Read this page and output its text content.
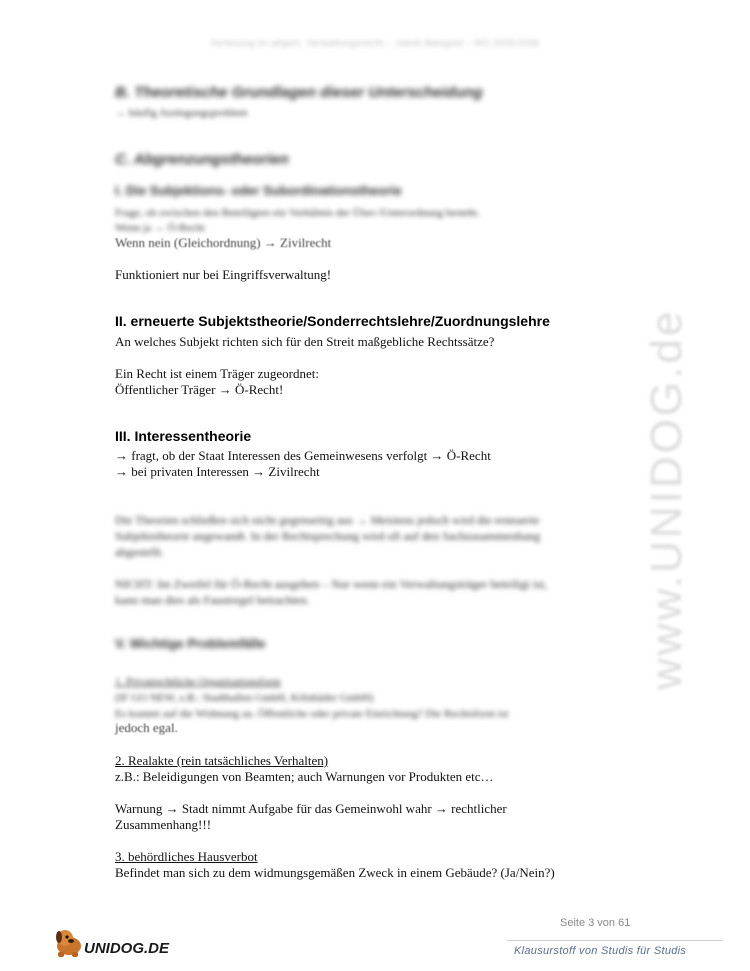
Vorlesung im allgem. Verwaltungsrecht – Jakob Mangold – WS 2005/2006
B. Theoretische Grundlagen dieser Unterscheidung
→ häufig Auslegungsproblem
C. Abgrenzungstheorien
I. Die Subjektions- oder Subordinationstheorie
Frage, ob zwischen den Beteiligten ein Verhältnis der Über-/Unterordnung besteht.
Wenn ja → Ö-Recht
Wenn nein (Gleichordnung) → Zivilrecht
Funktioniert nur bei Eingriffsverwaltung!
II. erneuerte Subjektstheorie/Sonderrechtslehre/Zuordnungslehre
An welches Subjekt richten sich für den Streit maßgebliche Rechtssätze?
Ein Recht ist einem Träger zugeordnet:
Öffentlicher Träger → Ö-Recht!
III. Interessentheorie
→ fragt, ob der Staat Interessen des Gemeinwesens verfolgt → Ö-Recht
→ bei privaten Interessen → Zivilrecht
Die Theorien schließen sich nicht gegenseitig aus → Meistens jedoch wird die erneuerte
Subjektstheorie angewandt. In der Rechtsprechung wird oft auf den Sachzusammenhang
abgestellt.
NICHT: Im Zweifel für Ö-Recht ausgehen – Nur wenn ein Verwaltungsträger beteiligt ist,
kann man dies als Faustregel betrachten.
V. Wichtige Problemfälle
1. Privatrechtliche Organisationsform
(IF GO NEW, z.B.: Stadthallen GmbH, Kölnbäder GmbH)
Es kommt auf die Widmung an. Öffentliche oder private Einrichtung? Die Rechtsform ist
jedoch egal.
2. Realakte (rein tatsächliches Verhalten)
z.B.: Beleidigungen von Beamten; auch Warnungen vor Produkten etc…
Warnung → Stadt nimmt Aufgabe für das Gemeinwohl wahr → rechtlicher
Zusammenhang!!!
3. behördliches Hausverbot
Befindet man sich zu dem widmungsgemäßen Zweck in einem Gebäude? (Ja/Nein?)
www.UNIDOG.de
Seite 3 von 61
Klausurstoff von Studis für Studis
UNIDOG.DE
